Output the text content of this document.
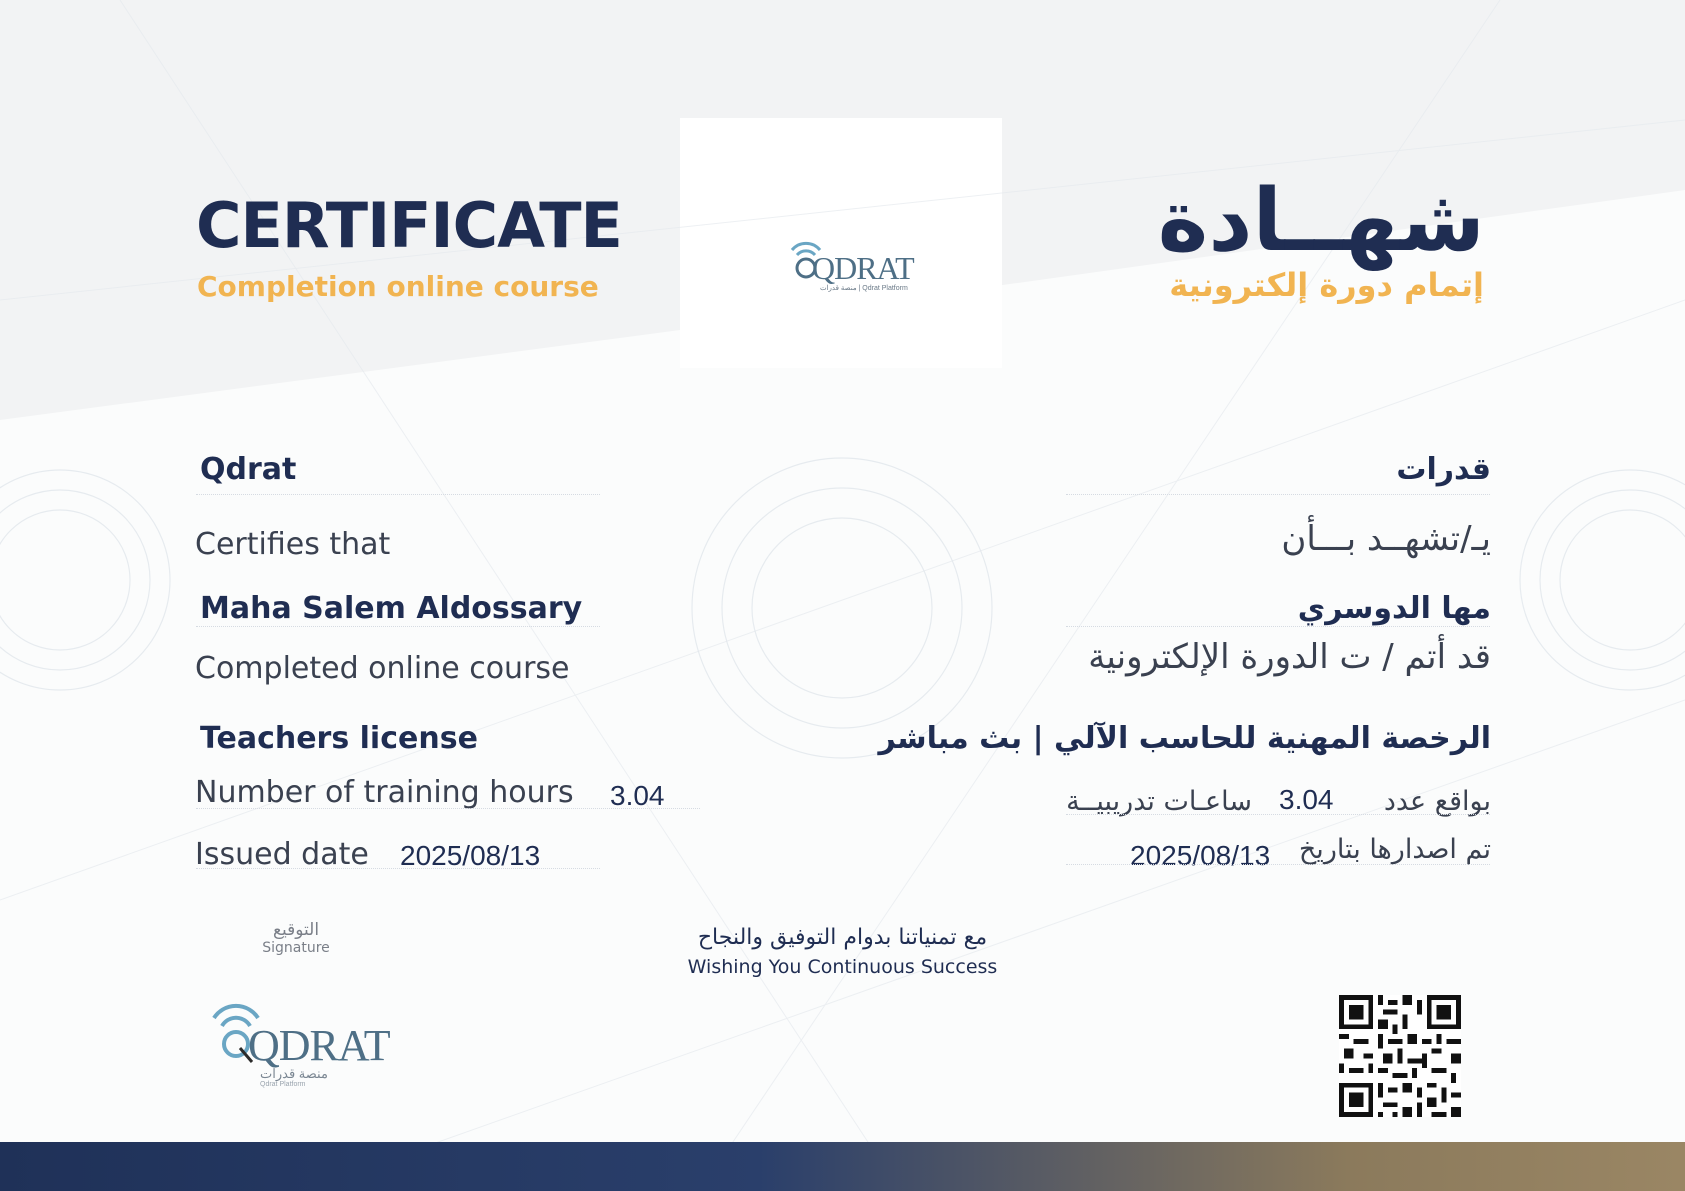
CERTIFICATE
Completion online course
شهــادة
إتمام دورة إلكترونية
QDRAT
منصة قدرات | Qdrat Platform
Qdrat
Certifies that
Maha Salem Aldossary
Completed online course
Teachers license
Number of training hours 3.04
Issued date 2025/08/13
قدرات
يـ/تشهــد بـــأن
مها الدوسري
قد أتم / ت الدورة الإلكترونية
الرخصة المهنية للحاسب الآلي | بث مباشر
بواقع عدد
3.04
ساعـات تدريبيــة
تم اصدارها بتاريخ
2025/08/13
التوقيع
Signature
QDRAT
منصة قدرات
Qdrat Platform
مع تمنياتنا بدوام التوفيق والنجاح
Wishing You Continuous Success
